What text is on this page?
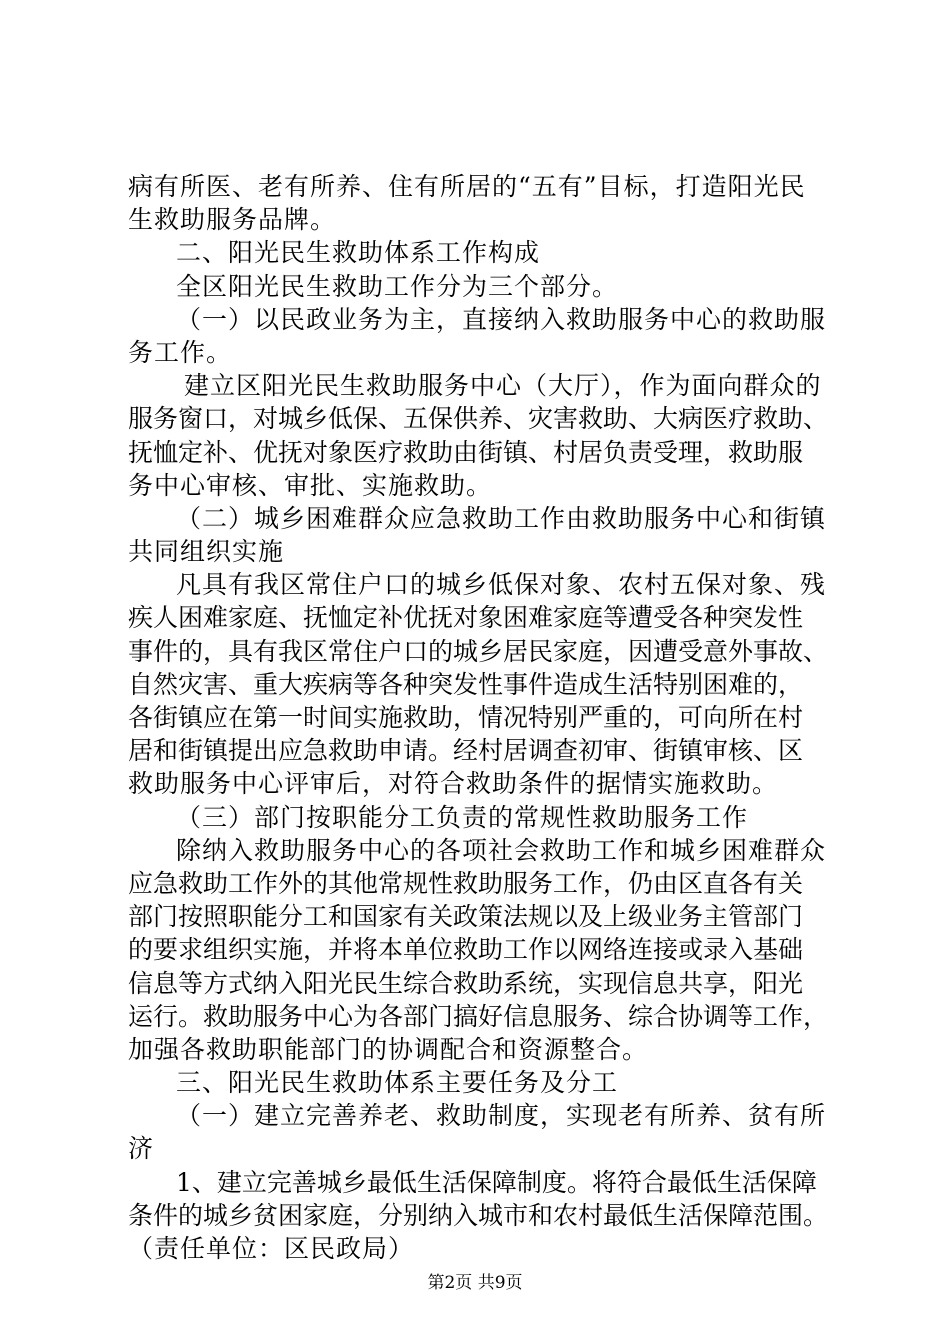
病有所医、老有所养、住有所居的“五有”目标，打造阳光民
生救助服务品牌。
二、阳光民生救助体系工作构成
全区阳光民生救助工作分为三个部分。
（一）以民政业务为主，直接纳入救助服务中心的救助服
务工作。
建立区阳光民生救助服务中心（大厅），作为面向群众的
服务窗口，对城乡低保、五保供养、灾害救助、大病医疗救助、
抚恤定补、优抚对象医疗救助由街镇、村居负责受理，救助服
务中心审核、审批、实施救助。
（二）城乡困难群众应急救助工作由救助服务中心和街镇
共同组织实施
凡具有我区常住户口的城乡低保对象、农村五保对象、残
疾人困难家庭、抚恤定补优抚对象困难家庭等遭受各种突发性
事件的，具有我区常住户口的城乡居民家庭，因遭受意外事故、
自然灾害、重大疾病等各种突发性事件造成生活特别困难的，
各街镇应在第一时间实施救助，情况特别严重的，可向所在村
居和街镇提出应急救助申请。经村居调查初审、街镇审核、区
救助服务中心评审后，对符合救助条件的据情实施救助。
（三）部门按职能分工负责的常规性救助服务工作
除纳入救助服务中心的各项社会救助工作和城乡困难群众
应急救助工作外的其他常规性救助服务工作，仍由区直各有关
部门按照职能分工和国家有关政策法规以及上级业务主管部门
的要求组织实施，并将本单位救助工作以网络连接或录入基础
信息等方式纳入阳光民生综合救助系统，实现信息共享，阳光
运行。救助服务中心为各部门搞好信息服务、综合协调等工作，
加强各救助职能部门的协调配合和资源整合。
三、阳光民生救助体系主要任务及分工
（一）建立完善养老、救助制度，实现老有所养、贫有所
济
1、建立完善城乡最低生活保障制度。将符合最低生活保障
条件的城乡贫困家庭，分别纳入城市和农村最低生活保障范围。
（责任单位：区民政局）
第2页 共9页
